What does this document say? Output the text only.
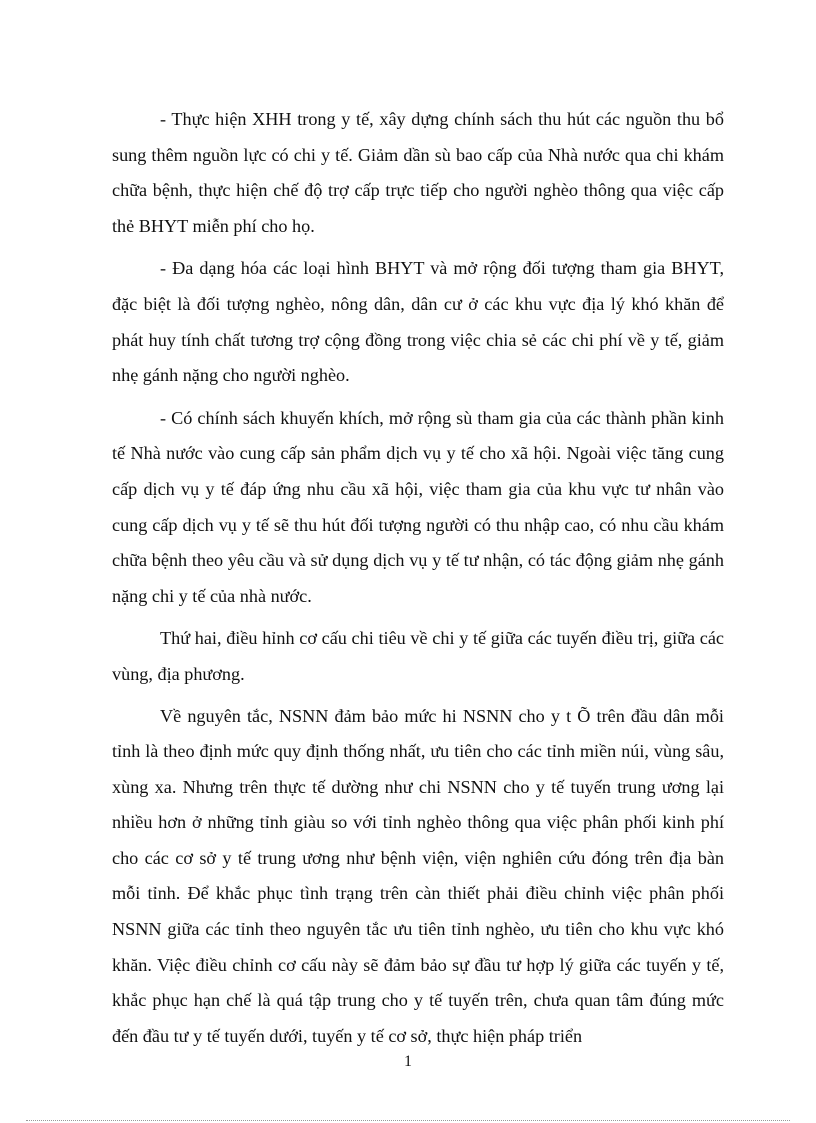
- Thực hiện XHH trong y tế, xây dựng chính sách thu hút các nguồn thu bổ sung thêm nguồn lực có chi y tế. Giảm dần sù bao cấp của Nhà nước qua chi khám chữa bệnh, thực hiện chế độ trợ cấp trực tiếp cho người nghèo thông qua việc cấp thẻ BHYT miễn phí cho họ.

- Đa dạng hóa các loại hình BHYT và mở rộng đối tượng tham gia BHYT, đặc biệt là đối tượng nghèo, nông dân, dân cư ở các khu vực địa lý khó khăn để phát huy tính chất tương trợ cộng đồng trong việc chia sẻ các chi phí về y tế, giảm nhẹ gánh nặng cho người nghèo.

- Có chính sách khuyến khích, mở rộng sù tham gia của các thành phần kinh tế Nhà nước vào cung cấp sản phẩm dịch vụ y tế cho xã hội. Ngoài việc tăng cung cấp dịch vụ y tế đáp ứng nhu cầu xã hội, việc tham gia của khu vực tư nhân vào cung cấp dịch vụ y tế sẽ thu hút đối tượng người có thu nhập cao, có nhu cầu khám chữa bệnh theo yêu cầu và sử dụng dịch vụ y tế tư nhận, có tác động giảm nhẹ gánh nặng chi y tế của nhà nước.

Thứ hai, điều hỉnh cơ cấu chi tiêu về chi y tế giữa các tuyến điều trị, giữa các vùng, địa phương.

Về nguyên tắc, NSNN đảm bảo mức hi NSNN cho y t Õ trên đầu dân mỗi tỉnh là theo định mức quy định thống nhất, ưu tiên cho các tỉnh miền núi, vùng sâu, xùng xa. Nhưng trên thực tế dường như chi NSNN cho y tế tuyến trung ương lại nhiều hơn ở những tỉnh giàu so với tỉnh nghèo thông qua việc phân phối kinh phí cho các cơ sở y tế trung ương như bệnh viện, viện nghiên cứu đóng trên địa bàn mỗi tỉnh. Để khắc phục tình trạng trên càn thiết phải điều chỉnh việc phân phối NSNN giữa các tỉnh theo nguyên tắc ưu tiên tỉnh nghèo, ưu tiên cho khu vực khó khăn. Việc điều chỉnh cơ cấu này sẽ đảm bảo sự đầu tư hợp lý giữa các tuyến y tế, khắc phục hạn chế là quá tập trung cho y tế tuyến trên, chưa quan tâm đúng mức đến đầu tư y tế tuyến dưới, tuyến y tế cơ sở, thực hiện pháp triển

1
